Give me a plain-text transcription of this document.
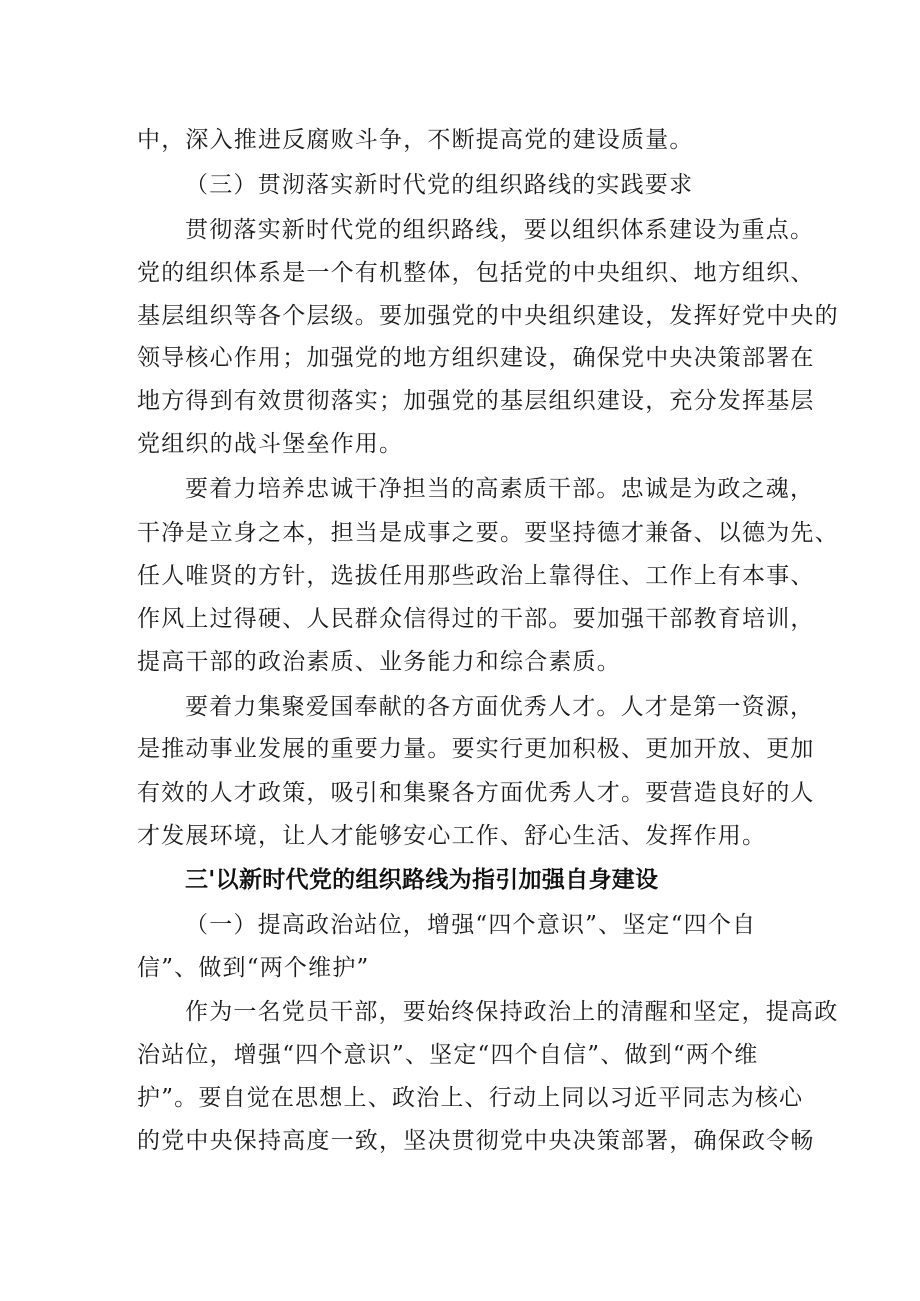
中，深入推进反腐败斗争，不断提高党的建设质量。
（三）贯沏落实新时代党的组织路线的实践要求
贯彻落实新时代党的组织路线，要以组织体系建设为重点。
党的组织体系是一个有机整体，包括党的中央组织、地方组织、
基层组织等各个层级。要加强党的中央组织建设，发挥好党中央的
领导核心作用；加强党的地方组织建设，确保党中央决策部署在
地方得到有效贯彻落实；加强党的基层组织建设，充分发挥基层
党组织的战斗堡垒作用。
要着力培养忠诚干净担当的高素质干部。忠诚是为政之魂，
干净是立身之本，担当是成事之要。要坚持德才兼备、以德为先、
任人唯贤的方针，选拔任用那些政治上靠得住、工作上有本事、
作风上过得硬、人民群众信得过的干部。要加强干部教育培训，
提高干部的政治素质、业务能力和综合素质。
要着力集聚爱国奉献的各方面优秀人才。人才是第一资源，
是推动事业发展的重要力量。要实行更加积极、更加开放、更加
有效的人才政策，吸引和集聚各方面优秀人才。要营造良好的人
才发展环境，让人才能够安心工作、舒心生活、发挥作用。
三'以新时代党的组织路线为指引加强自身建设
（一）提高政治站位，增强“四个意识”、坚定“四个自
信”、做到“两个维护”
作为一名党员干部，要始终保持政治上的清醒和坚定，提高政
治站位，增强“四个意识”、坚定“四个自信”、做到“两个维
护”。要自觉在思想上、政治上、行动上同以习近平同志为核心
的党中央保持高度一致，坚决贯彻党中央决策部署，确保政令畅
